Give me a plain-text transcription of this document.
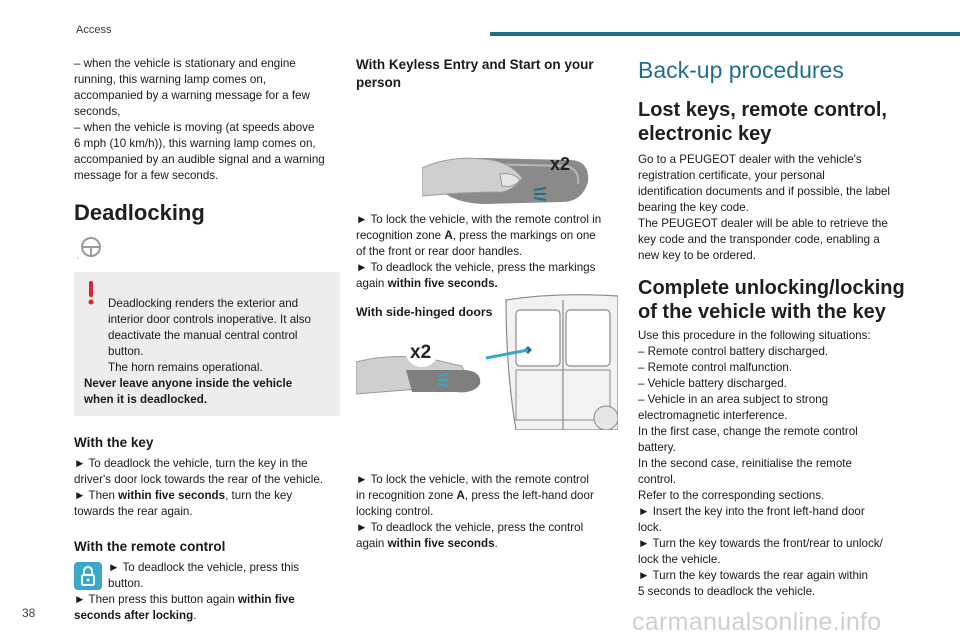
Access

– when the vehicle is stationary and engine
running, this warning lamp comes on,
accompanied by a warning message for a few
seconds,
– when the vehicle is moving (at speeds above
6 mph (10 km/h)), this warning lamp comes on,
accompanied by an audible signal and a warning
message for a few seconds.

Deadlocking
↓

Deadlocking renders the exterior and
interior door controls inoperative. It also
deactivate the manual central control button.
The horn remains operational.

Never leave anyone inside the vehicle
when it is deadlocked.

With the key

► To deadlock the vehicle, turn the key in the
driver's door lock towards the rear of the vehicle.

► Then within five seconds, turn the key
towards the rear again.

With the remote control

► To deadlock the vehicle, press this
button.

► Then press this button again within five
seconds after locking.

With Keyless Entry and Start on your
person
x2

► To lock the vehicle, with the remote control in
recognition zone A, press the markings on one
of the front or rear door handles.

► To deadlock the vehicle, press the markings
again within five seconds.

With side-hinged doors
x2

► To lock the vehicle, with the remote control
in recognition zone A, press the left-hand door
locking control.

► To deadlock the vehicle, press the control
again within five seconds.

Back-up procedures
Lost keys, remote control,
electronic key

Go to a PEUGEOT dealer with the vehicle's
registration certificate, your personal
identification documents and if possible, the label
bearing the key code.
The PEUGEOT dealer will be able to retrieve the
key code and the transponder code, enabling a
new key to be ordered.

Complete unlocking/locking
of the vehicle with the key

Use this procedure in the following situations:
– Remote control battery discharged.
– Remote control malfunction.
– Vehicle battery discharged.
– Vehicle in an area subject to strong
electromagnetic interference.
In the first case, change the remote control
battery.
In the second case, reinitialise the remote
control.
Refer to the corresponding sections.
► Insert the key into the front left-hand door
lock.
► Turn the key towards the front/rear to unlock/
lock the vehicle.
► Turn the key towards the rear again within
5 seconds to deadlock the vehicle.

38	carmanualsonline.info
